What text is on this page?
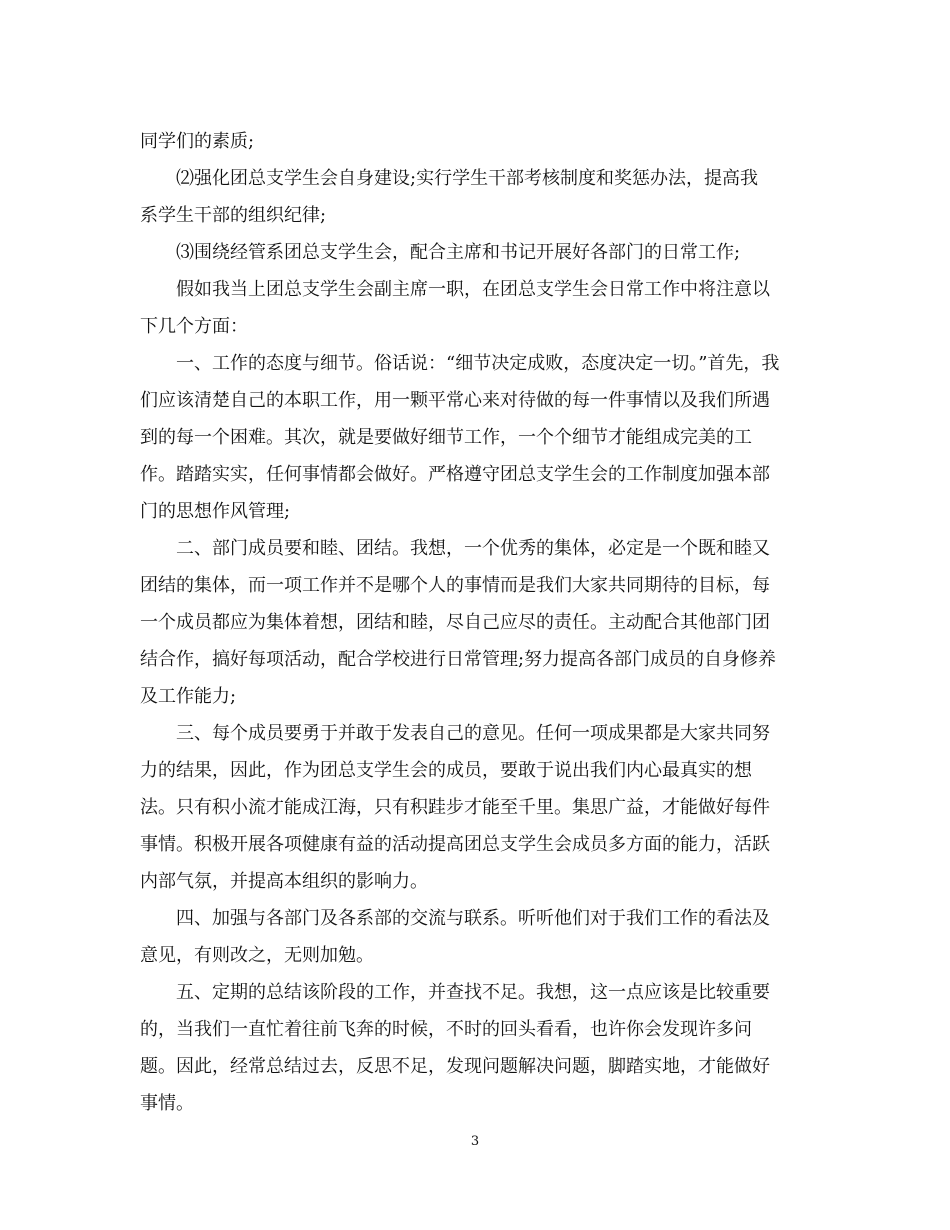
同学们的素质;
　　⑵强化团总支学生会自身建设;实行学生干部考核制度和奖惩办法，提高我
系学生干部的组织纪律;
　　⑶围绕经管系团总支学生会，配合主席和书记开展好各部门的日常工作;
　　假如我当上团总支学生会副主席一职，在团总支学生会日常工作中将注意以
下几个方面：
　　一、工作的态度与细节。俗话说：“细节决定成败，态度决定一切。”首先，我
们应该清楚自己的本职工作，用一颗平常心来对待做的每一件事情以及我们所遇
到的每一个困难。其次，就是要做好细节工作，一个个细节才能组成完美的工
作。踏踏实实，任何事情都会做好。严格遵守团总支学生会的工作制度加强本部
门的思想作风管理;
　　二、部门成员要和睦、团结。我想，一个优秀的集体，必定是一个既和睦又
团结的集体，而一项工作并不是哪个人的事情而是我们大家共同期待的目标，每
一个成员都应为集体着想，团结和睦，尽自己应尽的责任。主动配合其他部门团
结合作，搞好每项活动，配合学校进行日常管理;努力提高各部门成员的自身修养
及工作能力;
　　三、每个成员要勇于并敢于发表自己的意见。任何一项成果都是大家共同努
力的结果，因此，作为团总支学生会的成员，要敢于说出我们内心最真实的想
法。只有积小流才能成江海，只有积跬步才能至千里。集思广益，才能做好每件
事情。积极开展各项健康有益的活动提高团总支学生会成员多方面的能力，活跃
内部气氛，并提高本组织的影响力。
　　四、加强与各部门及各系部的交流与联系。听听他们对于我们工作的看法及
意见，有则改之，无则加勉。
　　五、定期的总结该阶段的工作，并查找不足。我想，这一点应该是比较重要
的，当我们一直忙着往前飞奔的时候，不时的回头看看，也许你会发现许多问
题。因此，经常总结过去，反思不足，发现问题解决问题，脚踏实地，才能做好
事情。
3
